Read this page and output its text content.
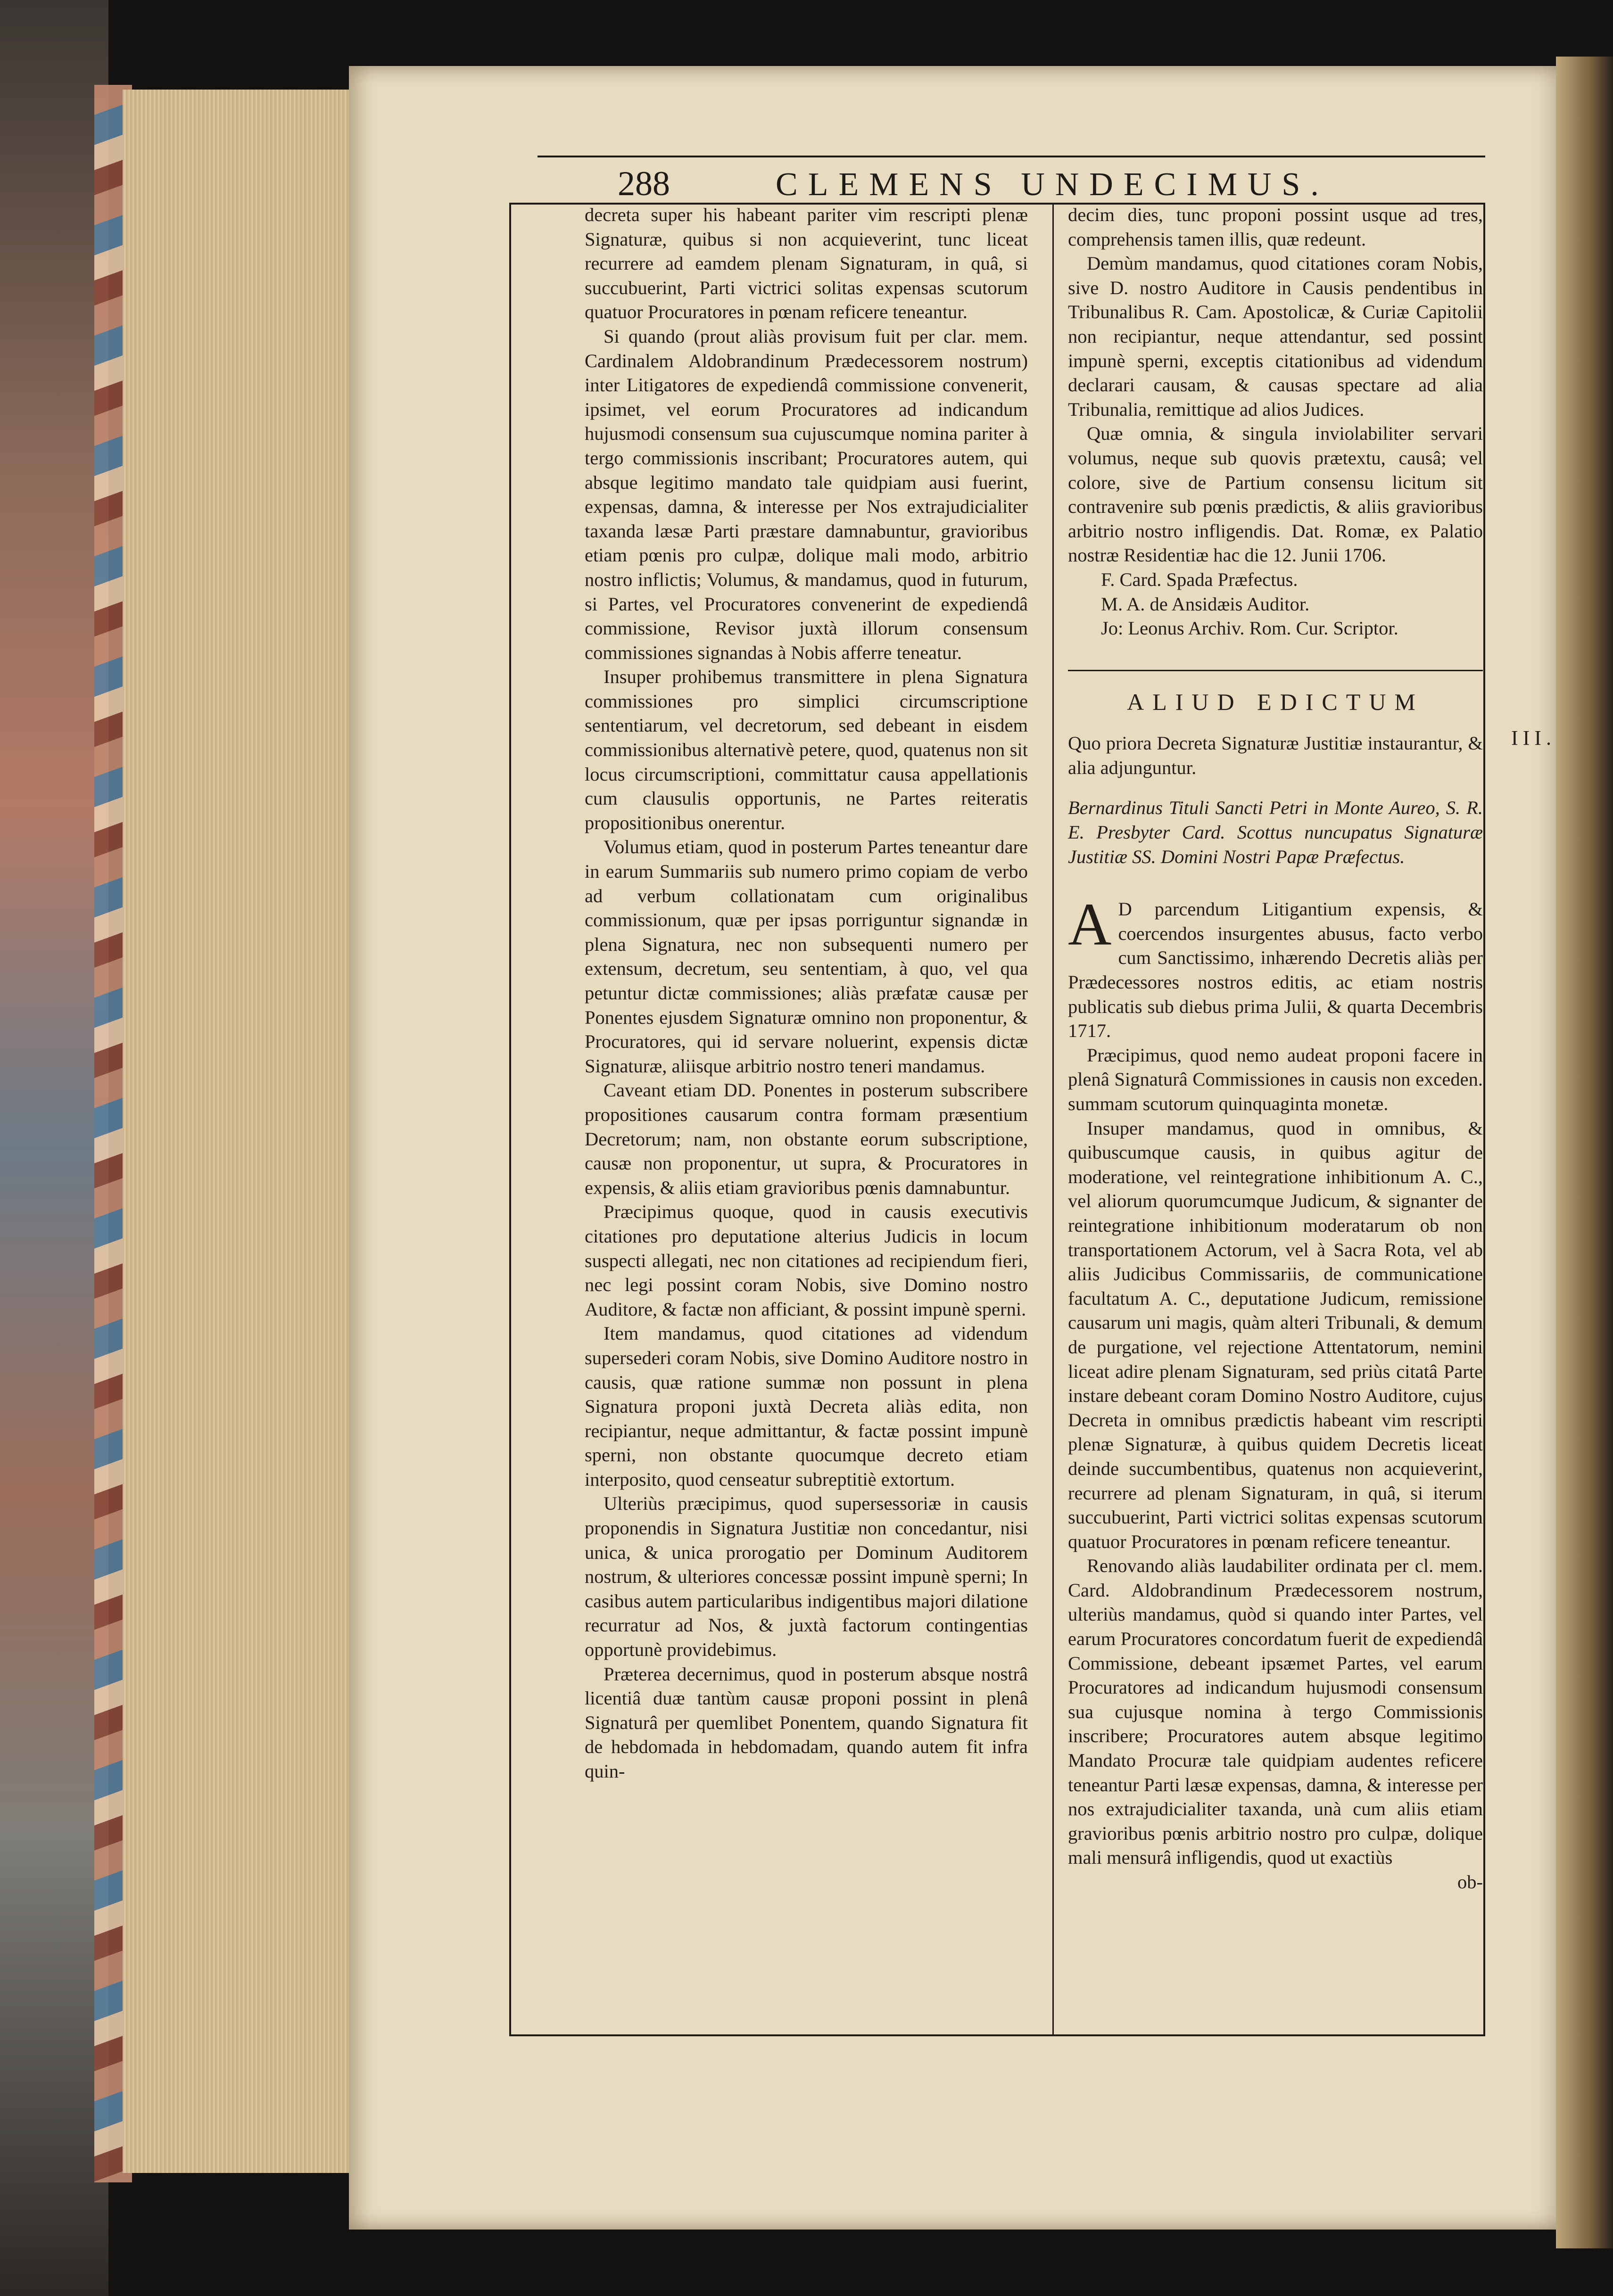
288	CLEMENS UNDECIMUS.

decreta super his habeant pariter vim rescripti plenæ Signaturæ, quibus si non acquieverint, tunc liceat recurrere ad eamdem plenam Signaturam, in quâ, si succubuerint, Parti victrici solitas expensas scutorum quatuor Procuratores in pœnam reficere teneantur.

Si quando (prout aliàs provisum fuit per clar. mem. Cardinalem Aldobrandinum Prædecessorem nostrum) inter Litigatores de expediendâ commissione convenerit, ipsimet, vel eorum Procuratores ad indicandum hujusmodi consensum sua cujuscumque nomina pariter à tergo commissionis inscribant; Procuratores autem, qui absque legitimo mandato tale quidpiam ausi fuerint, expensas, damna, & interesse per Nos extrajudicialiter taxanda læsæ Parti præstare damnabuntur, gravioribus etiam pœnis pro culpæ, dolique mali modo, arbitrio nostro inflictis; Volumus, & mandamus, quod in futurum, si Partes, vel Procuratores convenerint de expediendâ commissione, Revisor juxtà illorum consensum commissiones signandas à Nobis afferre teneatur.

Insuper prohibemus transmittere in plena Signatura commissiones pro simplici circumscriptione sententiarum, vel decretorum, sed debeant in eisdem commissionibus alternativè petere, quod, quatenus non sit locus circumscriptioni, committatur causa appellationis cum clausulis opportunis, ne Partes reiteratis propositionibus onerentur.

Volumus etiam, quod in posterum Partes teneantur dare in earum Summariis sub numero primo copiam de verbo ad verbum collationatam cum originalibus commissionum, quæ per ipsas porriguntur signandæ in plena Signatura, nec non subsequenti numero per extensum, decretum, seu sententiam, à quo, vel qua petuntur dictæ commissiones; aliàs præfatæ causæ per Ponentes ejusdem Signaturæ omnino non proponentur, & Procuratores, qui id servare noluerint, expensis dictæ Signaturæ, aliisque arbitrio nostro teneri mandamus.

Caveant etiam DD. Ponentes in posterum subscribere propositiones causarum contra formam præsentium Decretorum; nam, non obstante eorum subscriptione, causæ non proponentur, ut supra, & Procuratores in expensis, & aliis etiam gravioribus pœnis damnabuntur.

Præcipimus quoque, quod in causis executivis citationes pro deputatione alterius Judicis in locum suspecti allegati, nec non citationes ad recipiendum fieri, nec legi possint coram Nobis, sive Domino nostro Auditore, & factæ non afficiant, & possint impunè sperni.

Item mandamus, quod citationes ad videndum supersederi coram Nobis, sive Domino Auditore nostro in causis, quæ ratione summæ non possunt in plena Signatura proponi juxtà Decreta aliàs edita, non recipiantur, neque admittantur, & factæ possint impunè sperni, non obstante quocumque decreto etiam interposito, quod censeatur subreptitiè extortum.

Ulteriùs præcipimus, quod supersessoriæ in causis proponendis in Signatura Justitiæ non concedantur, nisi unica, & unica prorogatio per Dominum Auditorem nostrum, & ulteriores concessæ possint impunè sperni; In casibus autem particularibus indigentibus majori dilatione recurratur ad Nos, & juxtà factorum contingentias opportunè providebimus.

Præterea decernimus, quod in posterum absque nostrâ licentiâ duæ tantùm causæ proponi possint in plenâ Signaturâ per quemlibet Ponentem, quando Signatura fit de hebdomada in hebdomadam, quando autem fit infra quin-

decim dies, tunc proponi possint usque ad tres, comprehensis tamen illis, quæ redeunt.

Demùm mandamus, quod citationes coram Nobis, sive D. nostro Auditore in Causis pendentibus in Tribunalibus R. Cam. Apostolicæ, & Curiæ Capitolii non recipiantur, neque attendantur, sed possint impunè sperni, exceptis citationibus ad videndum declarari causam, & causas spectare ad alia Tribunalia, remittique ad alios Judices.

Quæ omnia, & singula inviolabiliter servari volumus, neque sub quovis prætextu, causâ; vel colore, sive de Partium consensu licitum sit contravenire sub pœnis prædictis, & aliis gravioribus arbitrio nostro infligendis. Dat. Romæ, ex Palatio nostræ Residentiæ hac die 12. Junii 1706.

F. Card. Spada Præfectus.

M. A. de Ansidæis Auditor.

Jo: Leonus Archiv. Rom. Cur. Scriptor.

ALIUD EDICTUM

Quo priora Decreta Signaturæ Justitiæ instaurantur, & alia adjunguntur.

Bernardinus Tituli Sancti Petri in Monte Aureo, S. R. E. Presbyter Card. Scottus nuncupatus Signaturæ Justitiæ SS. Domini Nostri Papæ Præfectus.

A D parcendum Litigantium expensis, & coercendos insurgentes abusus, facto verbo cum Sanctissimo, inhærendo Decretis aliàs per Prædecessores nostros editis, ac etiam nostris publicatis sub diebus prima Julii, & quarta Decembris 1717.

Præcipimus, quod nemo audeat proponi facere in plenâ Signaturâ Commissiones in causis non exceden. summam scutorum quinquaginta monetæ.

Insuper mandamus, quod in omnibus, & quibuscumque causis, in quibus agitur de moderatione, vel reintegratione inhibitionum A. C., vel aliorum quorumcumque Judicum, & signanter de reintegratione inhibitionum moderatarum ob non transportationem Actorum, vel à Sacra Rota, vel ab aliis Judicibus Commissariis, de communicatione facultatum A. C., deputatione Judicum, remissione causarum uni magis, quàm alteri Tribunali, & demum de purgatione, vel rejectione Attentatorum, nemini liceat adire plenam Signaturam, sed priùs citatâ Parte instare debeant coram Domino Nostro Auditore, cujus Decreta in omnibus prædictis habeant vim rescripti plenæ Signaturæ, à quibus quidem Decretis liceat deinde succumbentibus, quatenus non acquieverint, recurrere ad plenam Signaturam, in quâ, si iterum succubuerint, Parti victrici solitas expensas scutorum quatuor Procuratores in pœnam reficere teneantur.

Renovando aliàs laudabiliter ordinata per cl. mem. Card. Aldobrandinum Prædecessorem nostrum, ulteriùs mandamus, quòd si quando inter Partes, vel earum Procuratores concordatum fuerit de expediendâ Commissione, debeant ipsæmet Partes, vel earum Procuratores ad indicandum hujusmodi consensum sua cujusque nomina à tergo Commissionis inscribere; Procuratores autem absque legitimo Mandato Procuræ tale quidpiam audentes reficere teneantur Parti læsæ expensas, damna, & interesse per nos extrajudicialiter taxanda, unà cum aliis etiam gravioribus pœnis arbitrio nostro pro culpæ, dolique mali mensurâ infligendis, quod ut exactiùs

ob-

III.
